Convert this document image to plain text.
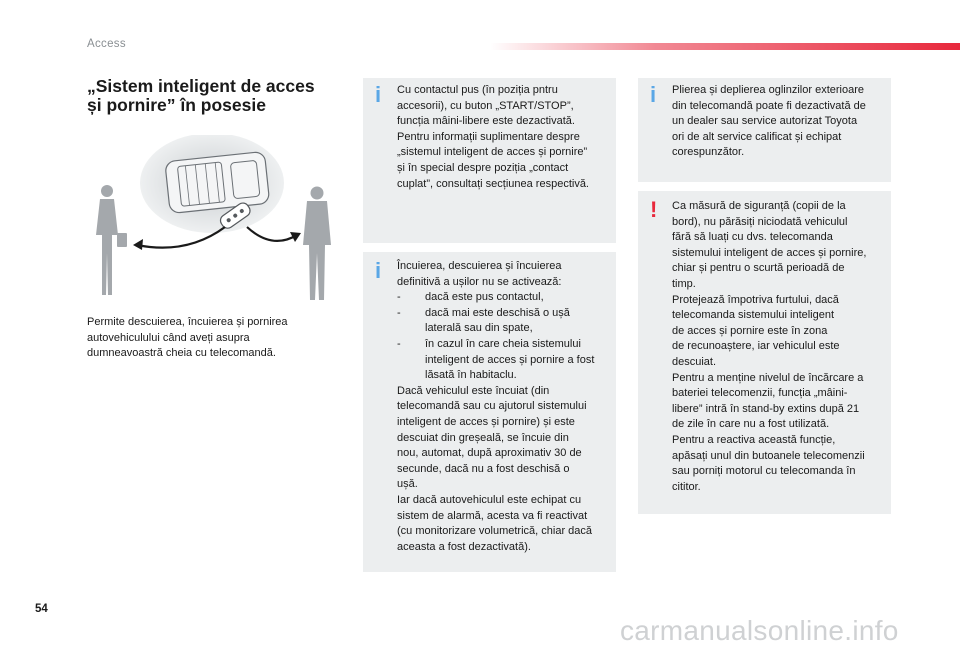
Access
„Sistem inteligent de acces
și pornire” în posesie
Permite descuierea, încuierea și pornirea
autovehiculului când aveți asupra
dumneavoastră cheia cu telecomandă.
i Cu contactul pus (în poziția pntru

accesorii), cu buton „START/STOP”,

funcția mâini-libere este dezactivată.

Pentru informații suplimentare despre

„sistemul inteligent de acces și pornire”

și în special despre poziția „contact

cuplat”, consultați secțiunea respectivă.

i Încuierea, descuierea și încuierea

definitivă a ușilor nu se activează:

- dacă este pus contactul,

- dacă mai este deschisă o ușă

laterală sau din spate,

- în cazul în care cheia sistemului

inteligent de acces și pornire a fost

lăsată în habitaclu.

Dacă vehiculul este încuiat (din

telecomandă sau cu ajutorul sistemului

inteligent de acces și pornire) și este

descuiat din greșeală, se încuie din

nou, automat, după aproximativ 30 de

secunde, dacă nu a fost deschisă o

ușă.

Iar dacă autovehiculul este echipat cu

sistem de alarmă, acesta va fi reactivat

(cu monitorizare volumetrică, chiar dacă

aceasta a fost dezactivată).

i Plierea și deplierea oglinzilor exterioare

din telecomandă poate fi dezactivată de

un dealer sau service autorizat Toyota

ori de alt service calificat și echipat

corespunzător.

! Ca măsură de siguranță (copii de la

bord), nu părăsiți niciodată vehiculul

fără să luați cu dvs. telecomanda

sistemului inteligent de acces și pornire,

chiar și pentru o scurtă perioadă de

timp.

Protejează împotriva furtului, dacă

telecomanda sistemului inteligent

de acces și pornire este în zona

de recunoaștere, iar vehiculul este

descuiat.

Pentru a menține nivelul de încărcare a

bateriei telecomenzii, funcția „mâini-

libere” intră în stand-by extins după 21

de zile în care nu a fost utilizată.

Pentru a reactiva această funcție,

apăsați unul din butoanele telecomenzii

sau porniți motorul cu telecomanda în

cititor.

54
carmanualsonline.info
